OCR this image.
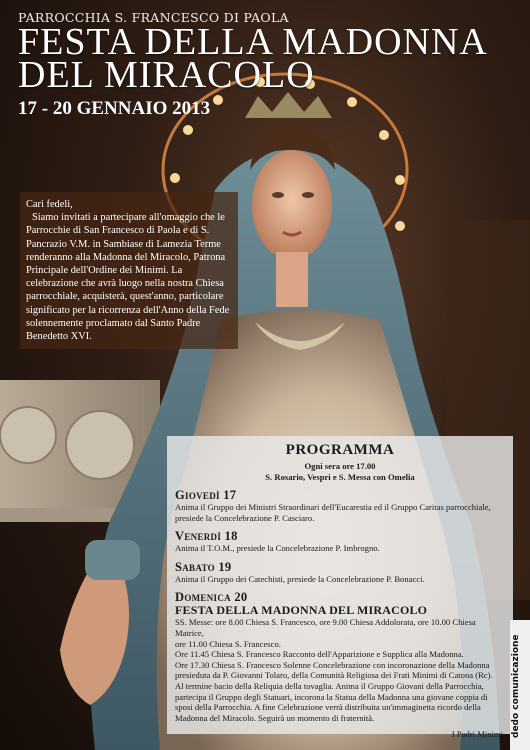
PARROCCHIA S. FRANCESCO DI PAOLA
FESTA DELLA MADONNA
DEL MIRACOLO
17 - 20 GENNAIO 2013

Cari fedeli,

Siamo invitati a partecipare all'omaggio che le Parrocchie di San Francesco di Paola e di S. Pancrazio V.M. in Sambiase di Lamezia Terme renderanno alla Madonna del Miracolo, Patrona Principale dell'Ordine dei Minimi. La celebrazione che avrà luogo nella nostra Chiesa parrocchiale, acquisterà, quest'anno, particolare significato per la ricorrenza dell'Anno della Fede solennemente proclamato dal Santo Padre Benedetto XVI.

PROGRAMMA
Ogni sera ore 17.00
S. Rosario, Vespri e S. Messa con Omelia
Giovedì 17
Anima il Gruppo dei Ministri Straordinari dell'Eucarestia ed il Gruppo Caritas parrocchiale,
presiede la Concelebrazione P. Casciaro.
Venerdì 18
Anima il T.O.M., presiede la Concelebrazione P. Imbrogno.
Sabato 19
Anima il Gruppo dei Catechisti, presiede la Concelebrazione P. Bonacci.
Domenica 20
FESTA DELLA MADONNA DEL MIRACOLO
SS. Messe: ore 8.00 Chiesa S. Francesco, ore 9.00 Chiesa Addolorata, ore 10.00 Chiesa Matrice,
ore 11.00 Chiesa S. Francesco.
Ore 11.45 Chiesa S. Francesco Racconto dell'Apparizione e Supplica alla Madonna.
Ore 17.30 Chiesa S. Francesco Solenne Concelebrazione con incoronazione della Madonna
presieduta da P. Giovanni Tolaro, della Comunità Religiosa dei Frati Minimi di Catona (Rc).
Al termine bacio della Reliquia della tovaglia. Anima il Gruppo Giovani della Parrocchia,
partecipa il Gruppo degli Statuari, incorona la Statua della Madonna una giovane coppia di
sposi della Parrocchia. A fine Celebrazione verrà distribuita un'immaginetta ricordo della
Madonna del Miracolo. Seguirà un momento di fraternità.
I Padri Minimi dedo comunicazione
